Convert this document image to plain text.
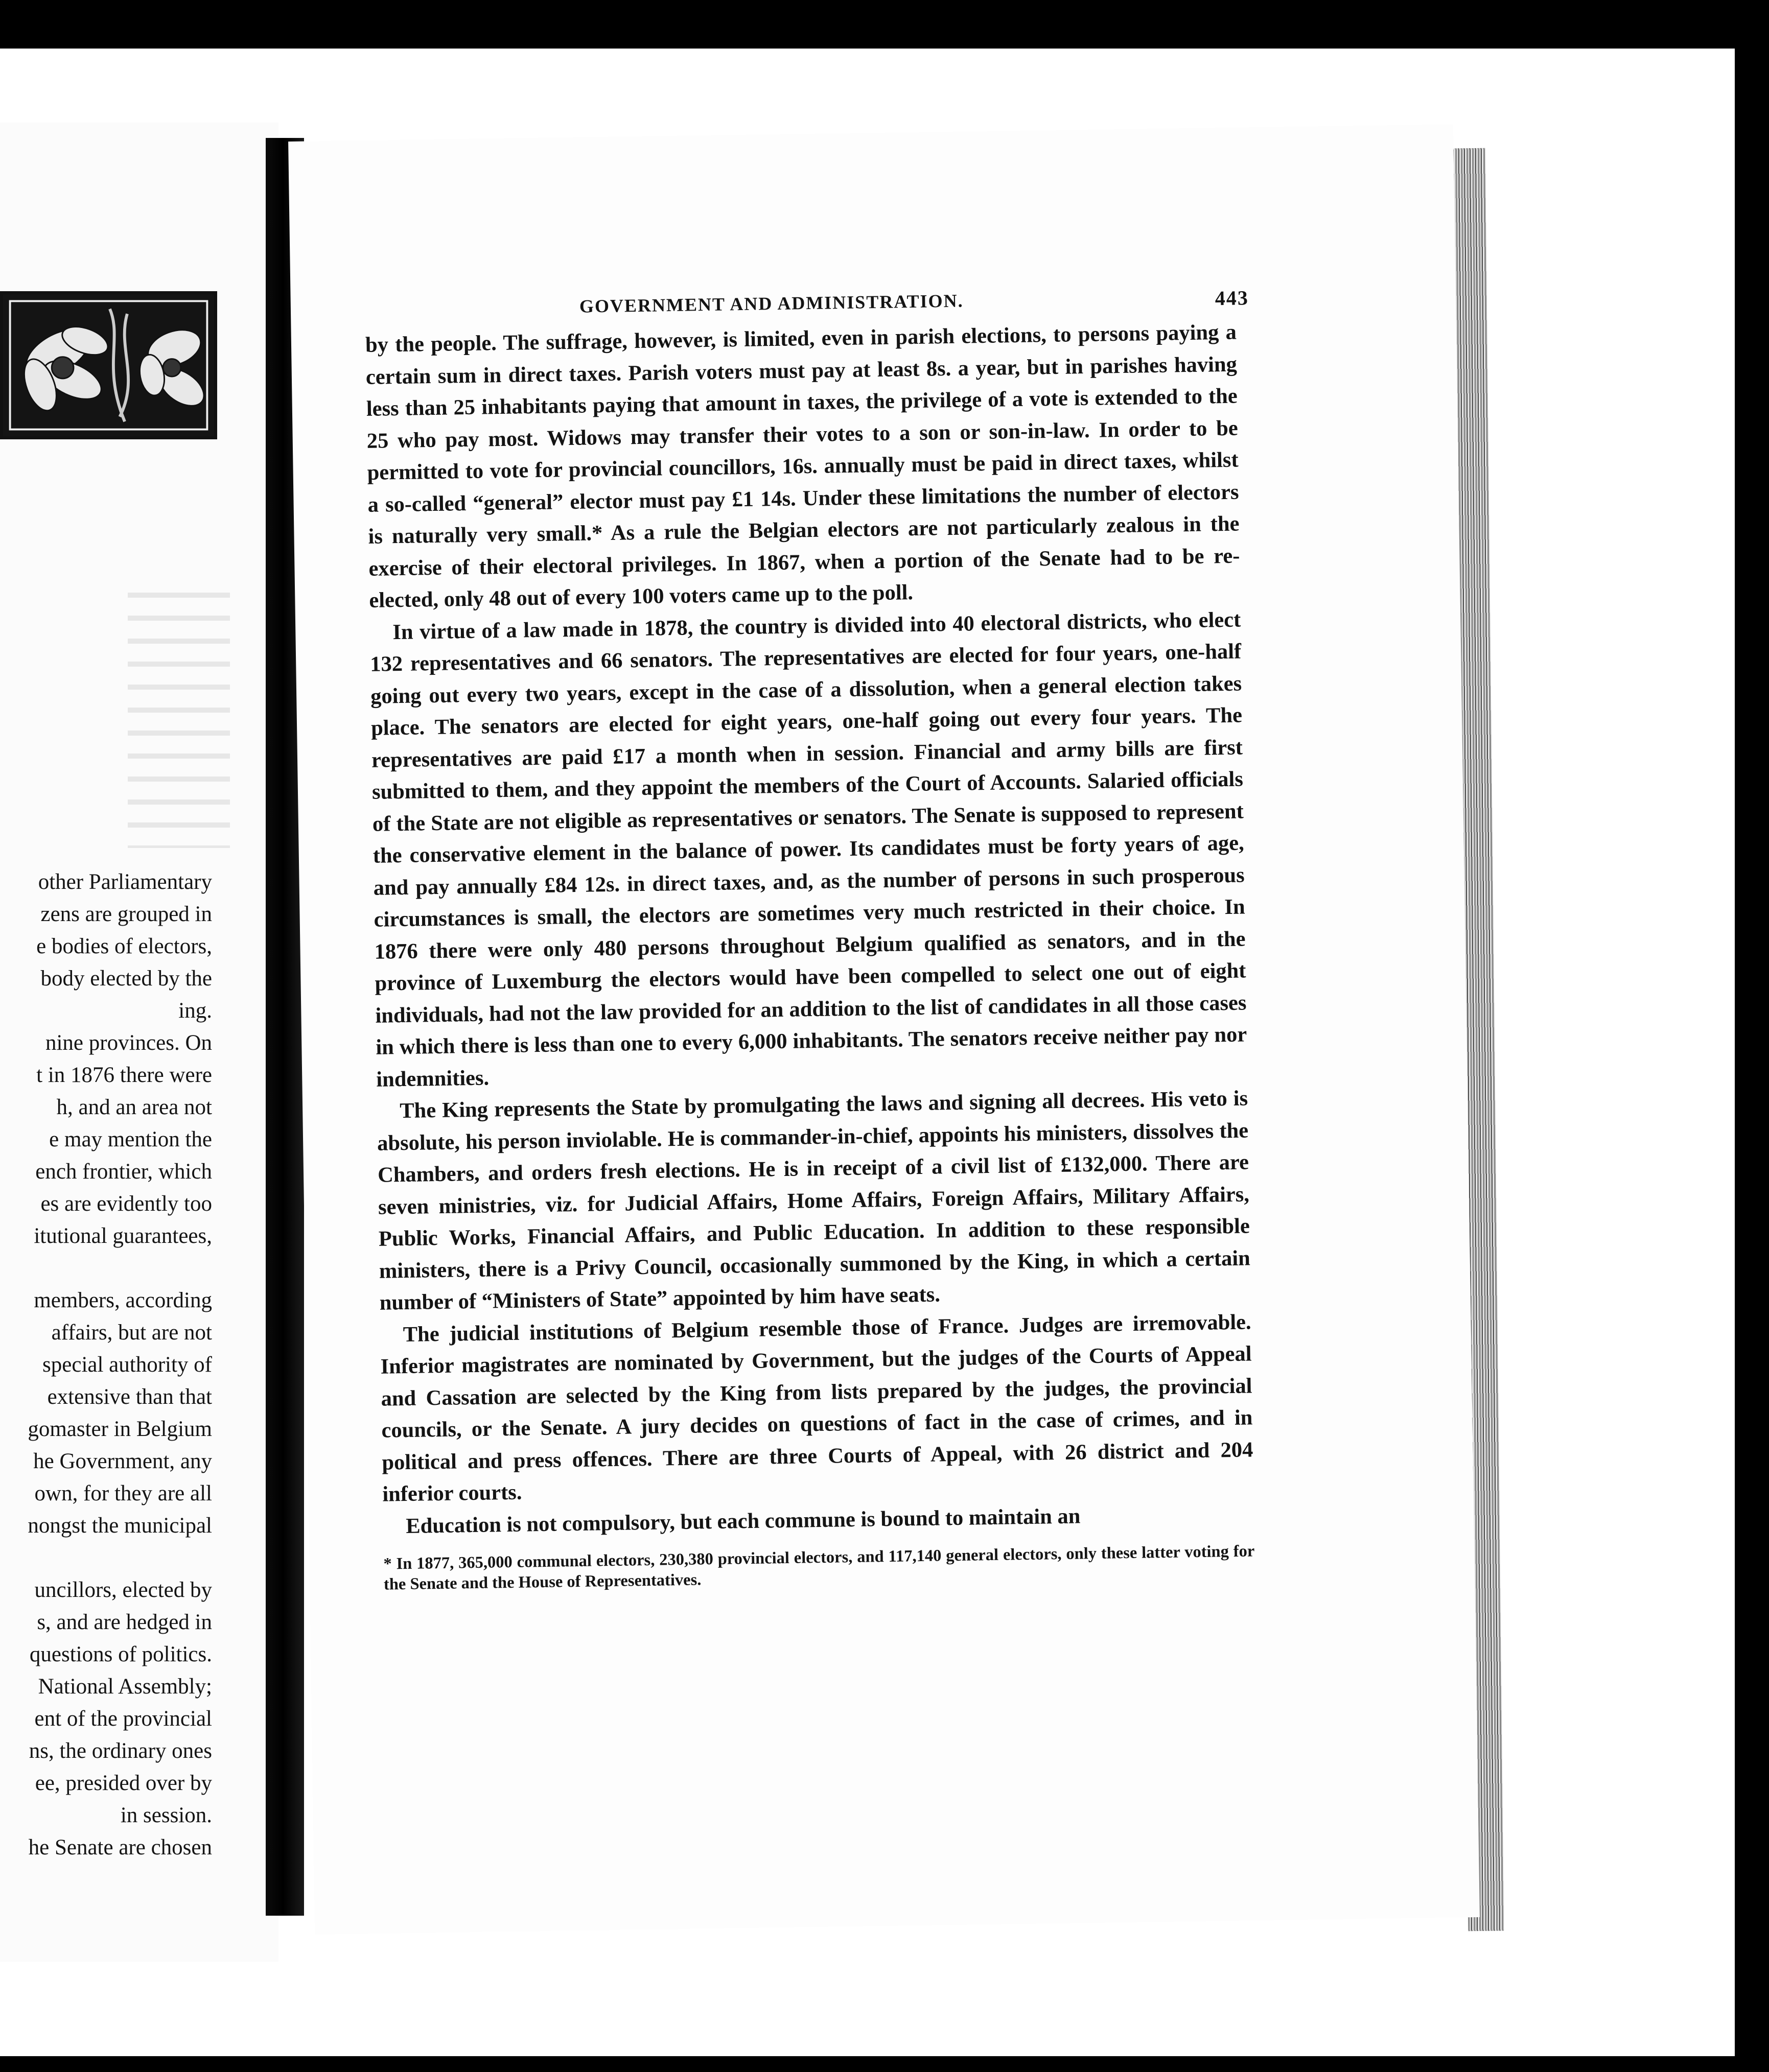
other Parliamentary
zens are grouped in
e bodies of electors,
body elected by the
ing.
nine provinces. On
t in 1876 there were
h, and an area not
e may mention the
ench frontier, which
es are evidently too
itutional guarantees,
members, according
affairs, but are not
special authority of
extensive than that
gomaster in Belgium
he Government, any
own, for they are all
nongst the municipal
uncillors, elected by
s, and are hedged in
questions of politics.
National Assembly;
ent of the provincial
ns, the ordinary ones
ee, presided over by
in session.
he Senate are chosen
GOVERNMENT AND ADMINISTRATION.	443

by the people. The suffrage, however, is limited, even in parish elections, to persons paying a certain sum in direct taxes. Parish voters must pay at least 8s. a year, but in parishes having less than 25 inhabitants paying that amount in taxes, the privilege of a vote is extended to the 25 who pay most. Widows may transfer their votes to a son or son-in-law. In order to be permitted to vote for provincial councillors, 16s. annually must be paid in direct taxes, whilst a so-called “general” elector must pay £1 14s. Under these limitations the number of electors is naturally very small.* As a rule the Belgian electors are not particularly zealous in the exercise of their electoral privileges. In 1867, when a portion of the Senate had to be re-elected, only 48 out of every 100 voters came up to the poll.

In virtue of a law made in 1878, the country is divided into 40 electoral districts, who elect 132 representatives and 66 senators. The representatives are elected for four years, one-half going out every two years, except in the case of a dissolution, when a general election takes place. The senators are elected for eight years, one-half going out every four years. The representatives are paid £17 a month when in session. Financial and army bills are first submitted to them, and they appoint the members of the Court of Accounts. Salaried officials of the State are not eligible as representatives or senators. The Senate is supposed to represent the conservative element in the balance of power. Its candidates must be forty years of age, and pay annually £84 12s. in direct taxes, and, as the number of persons in such prosperous circumstances is small, the electors are sometimes very much restricted in their choice. In 1876 there were only 480 persons throughout Belgium qualified as senators, and in the province of Luxemburg the electors would have been compelled to select one out of eight individuals, had not the law provided for an addition to the list of candidates in all those cases in which there is less than one to every 6,000 inhabitants. The senators receive neither pay nor indemnities.

The King represents the State by promulgating the laws and signing all decrees. His veto is absolute, his person inviolable. He is commander-in-chief, appoints his ministers, dissolves the Chambers, and orders fresh elections. He is in receipt of a civil list of £132,000. There are seven ministries, viz. for Judicial Affairs, Home Affairs, Foreign Affairs, Military Affairs, Public Works, Financial Affairs, and Public Education. In addition to these responsible ministers, there is a Privy Council, occasionally summoned by the King, in which a certain number of “Ministers of State” appointed by him have seats.

The judicial institutions of Belgium resemble those of France. Judges are irremovable. Inferior magistrates are nominated by Government, but the judges of the Courts of Appeal and Cassation are selected by the King from lists prepared by the judges, the provincial councils, or the Senate. A jury decides on questions of fact in the case of crimes, and in political and press offences. There are three Courts of Appeal, with 26 district and 204 inferior courts.

Education is not compulsory, but each commune is bound to maintain an

* In 1877, 365,000 communal electors, 230,380 provincial electors, and 117,140 general electors, only these latter voting for the Senate and the House of Representatives.
